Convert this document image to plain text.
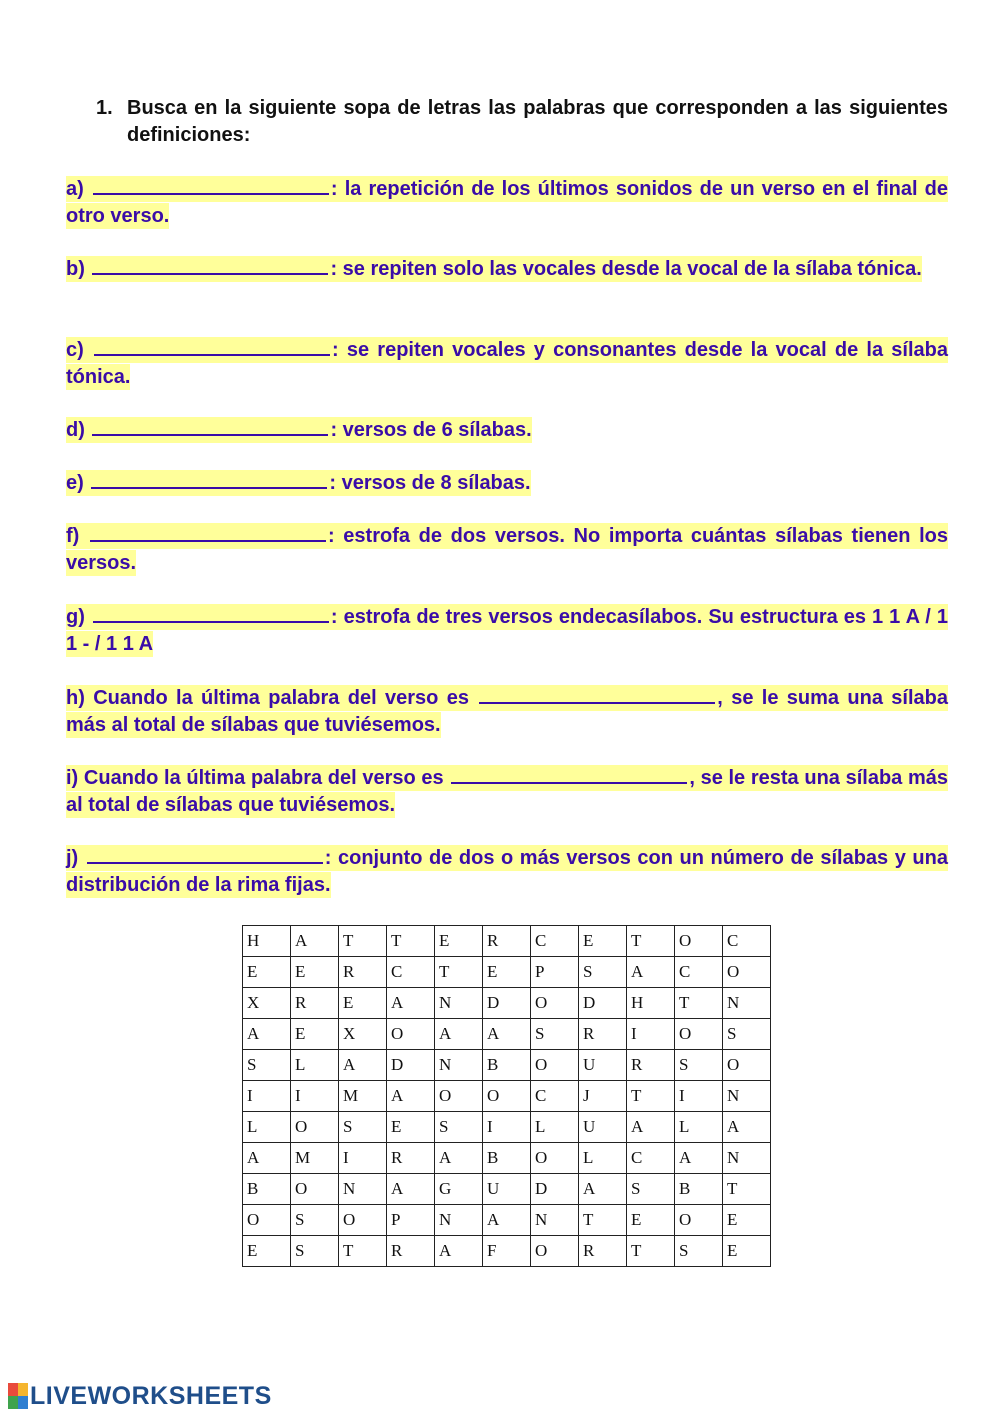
1. Busca en la siguiente sopa de letras las palabras que corresponden a las siguientes definiciones:
a)	: la repetición de los últimos sonidos de un verso en el final de otro verso.
b)	: se repiten solo las vocales desde la vocal de la sílaba tónica.
c)	: se repiten vocales y consonantes desde la vocal de la sílaba tónica.
d)	: versos de 6 sílabas.
e)	: versos de 8 sílabas.
f)	: estrofa de dos versos. No importa cuántas sílabas tienen los versos.
g)	: estrofa de tres versos endecasílabos. Su estructura es 1 1 A / 1 1 - / 1 1 A
h) Cuando la última palabra del verso es	, se le suma una sílaba más al total de sílabas que tuviésemos.
i) Cuando la última palabra del verso es	, se le resta una sílaba más al total de sílabas que tuviésemos.
j)	: conjunto de dos o más versos con un número de sílabas y una distribución de la rima fijas.
H	A	T	T	E	R	C	E	T	O	C
E	E	R	C	T	E	P	S	A	C	O
X	R	E	A	N	D	O	D	H	T	N
A	E	X	O	A	A	S	R	I	O	S
S	L	A	D	N	B	O	U	R	S	O
I	I	M	A	O	O	C	J	T	I	N
L	O	S	E	S	I	L	U	A	L	A
A	M	I	R	A	B	O	L	C	A	N
B	O	N	A	G	U	D	A	S	B	T
O	S	O	P	N	A	N	T	E	O	E
E	S	T	R	A	F	O	R	T	S	E
LIVEWORKSHEETS
